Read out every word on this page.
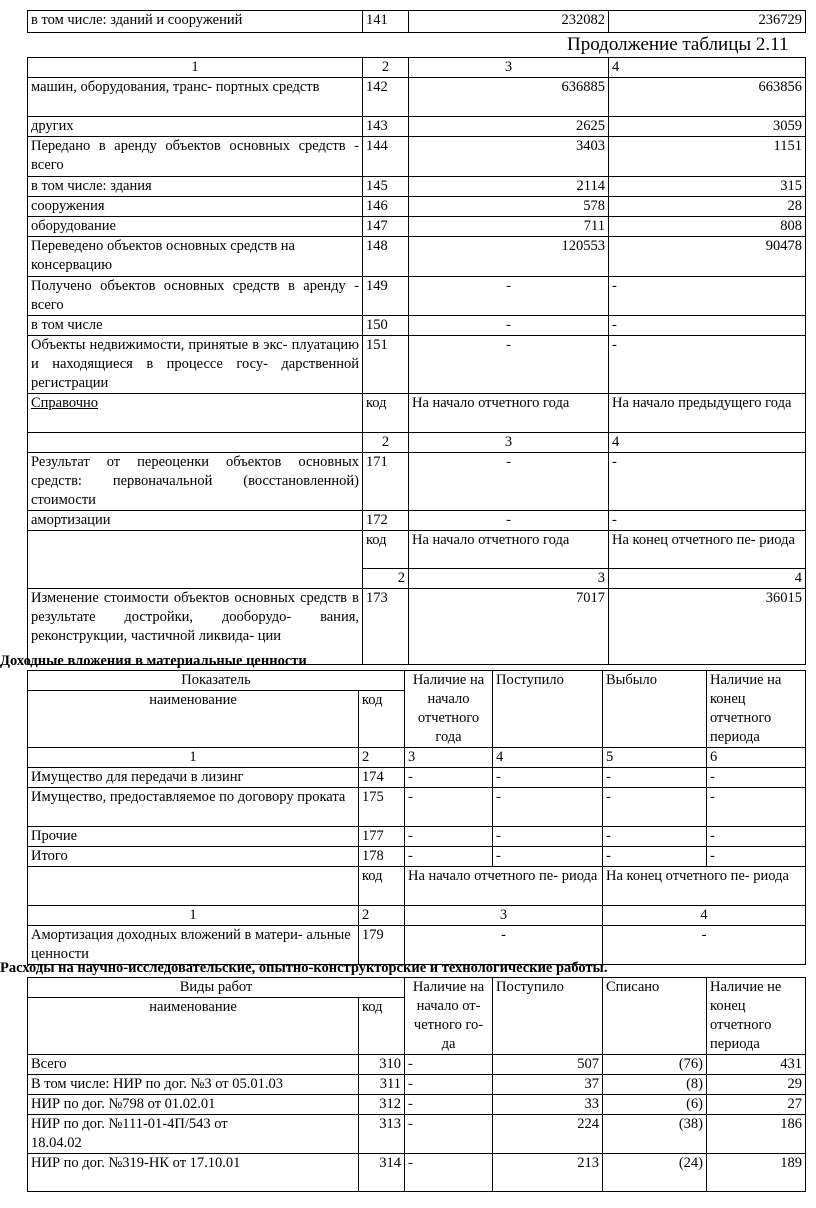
в том числе: зданий и сооружений	141	232082	236729
Продолжение таблицы 2.11
1	2	3	4
машин, оборудования, транс- портных средств	142	636885	663856
других	143	2625	3059
Передано в аренду объектов основных средств - всего	144	3403	1151
в том числе: здания	145	2114	315
сооружения	146	578	28
оборудование	147	711	808
Переведено объектов основных средств на консервацию	148	120553	90478
Получено объектов основных средств в аренду - всего	149	-	-
в том числе	150	-	-
Объекты недвижимости, принятые в экс- плуатацию и находящиеся в процессе госу- дарственной регистрации	151	-	-
Справочно	код	На начало отчетного года	На начало предыдущего года
	2	3	4
Результат от переоценки объектов основных средств: первоначальной (восстановленной) стоимости	171	-	-
амортизации	172	-	-
	код	На начало отчетного года	На конец отчетного пе- риода
	2	3	4
Изменение стоимости объектов основных средств в результате достройки, дооборудо- вания, реконструкции, частичной ликвида- ции	173	7017	36015
Доходные вложения в материальные ценности
Показатель		Наличие на начало отчетного года	Поступило	Выбыло	Наличие на конец отчетного периода
наименование	код				
1	2	3	4	5	6
Имущество для передачи в лизинг	174	-	-	-	-
Имущество, предоставляемое по договору проката	175	-	-	-	-
Прочие	177	-	-	-	-
Итого	178	-	-	-	-
	код	На начало отчетного пе- риода		На конец отчетного пе- риода	
1	2	3		4	
Амортизация доходных вложений в матери- альные ценности	179	-		-	
Расходы на научно-исследовательские, опытно-конструкторские и технологические работы.
Виды работ		Наличие на начало от- четного го- да	Поступило	Списано	Наличие не конец отчетного периода
наименование	код				
Всего	310	-	507	(76)	431
В том числе: НИР по дог. №3 от 05.01.03	311	-	37	(8)	29
НИР по дог. №798 от 01.02.01	312	-	33	(6)	27
НИР по дог. №111-01-4П/543 от 18.04.02	313	-	224	(38)	186
НИР по дог. №319-НК от 17.10.01	314	-	213	(24)	189
